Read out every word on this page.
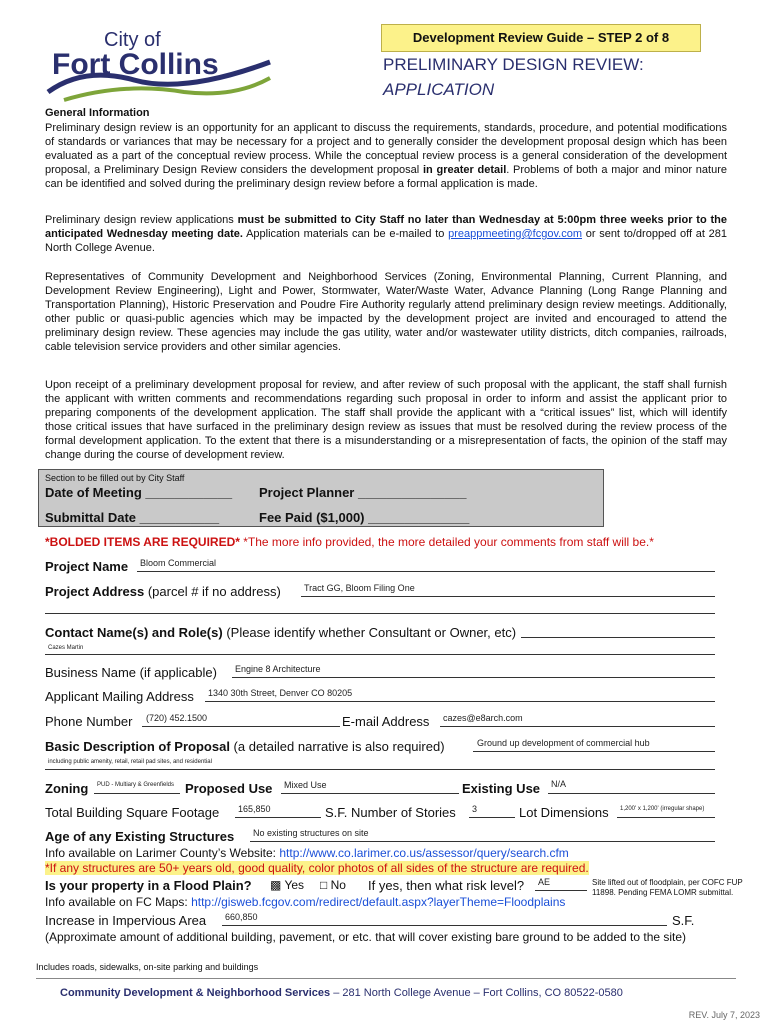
City of
Fort Collins
Development Review Guide – STEP 2 of 8
PRELIMINARY DESIGN REVIEW:
APPLICATION
General Information
Preliminary design review is an opportunity for an applicant to discuss the requirements, standards, procedure, and potential modifications of standards or variances that may be necessary for a project and to generally consider the development proposal design which has been evaluated as a part of the conceptual review process. While the conceptual review process is a general consideration of the development proposal, a Preliminary Design Review considers the development proposal in greater detail. Problems of both a major and minor nature can be identified and solved during the preliminary design review before a formal application is made.
Preliminary design review applications must be submitted to City Staff no later than Wednesday at 5:00pm three weeks prior to the anticipated Wednesday meeting date. Application materials can be e-mailed to preappmeeting@fcgov.com or sent to/dropped off at 281 North College Avenue.
Representatives of Community Development and Neighborhood Services (Zoning, Environmental Planning, Current Planning, and Development Review Engineering), Light and Power, Stormwater, Water/Waste Water, Advance Planning (Long Range Planning and Transportation Planning), Historic Preservation and Poudre Fire Authority regularly attend preliminary design review meetings. Additionally, other public or quasi-public agencies which may be impacted by the development project are invited and encouraged to attend the preliminary design review. These agencies may include the gas utility, water and/or wastewater utility districts, ditch companies, railroads, cable television service providers and other similar agencies.
Upon receipt of a preliminary development proposal for review, and after review of such proposal with the applicant, the staff shall furnish the applicant with written comments and recommendations regarding such proposal in order to inform and assist the applicant prior to preparing components of the development application. The staff shall provide the applicant with a “critical issues” list, which will identify those critical issues that have surfaced in the preliminary design review as issues that must be resolved during the review process of the formal development application. To the extent that there is a misunderstanding or a misrepresentation of facts, the opinion of the staff may change during the course of development review.
Section to be filled out by City Staff
Date of Meeting ____________ Project Planner _______________
Submittal Date ___________	Fee Paid ($1,000) ______________
*BOLDED ITEMS ARE REQUIRED* *The more info provided, the more detailed your comments from staff will be.*
Project Name Bloom Commercial
Project Address (parcel # if no address)	Tract GG, Bloom Filing One
Contact Name(s) and Role(s) (Please identify whether Consultant or Owner, etc)
Cazes Martin
Business Name (if applicable) Engine 8 Architecture
Applicant Mailing Address 1340 30th Street, Denver CO 80205
Phone Number (720) 452.1500	E-mail Address cazes@e8arch.com
Basic Description of Proposal (a detailed narrative is also required)	Ground up development of commercial hub
including public amenity, retail, retail pad sites, and residential
Zoning PUD - Multiary & Greenfields Proposed Use Mixed Use	Existing Use N/A
Total Building Square Footage 165,850	S.F. Number of Stories 3	Lot Dimensions 1,200' x 1,200' (irregular shape)
Age of any Existing Structures No existing structures on site
Info available on Larimer County’s Website: http://www.co.larimer.co.us/assessor/query/search.cfm
*If any structures are 50+ years old, good quality, color photos of all sides of the structure are required.
Is your property in a Flood Plain? ▩ Yes □ No If yes, then what risk level? AE	Site lifted out of floodplain, per COFC FUP 11898. Pending FEMA LOMR submittal.
Info available on FC Maps: http://gisweb.fcgov.com/redirect/default.aspx?layerTheme=Floodplains
Increase in Impervious Area 660,850	S.F.
(Approximate amount of additional building, pavement, or etc. that will cover existing bare ground to be added to the site)
Includes roads, sidewalks, on-site parking and buildings
Community Development & Neighborhood Services – 281 North College Avenue – Fort Collins, CO 80522-0580
REV. July 7, 2023
